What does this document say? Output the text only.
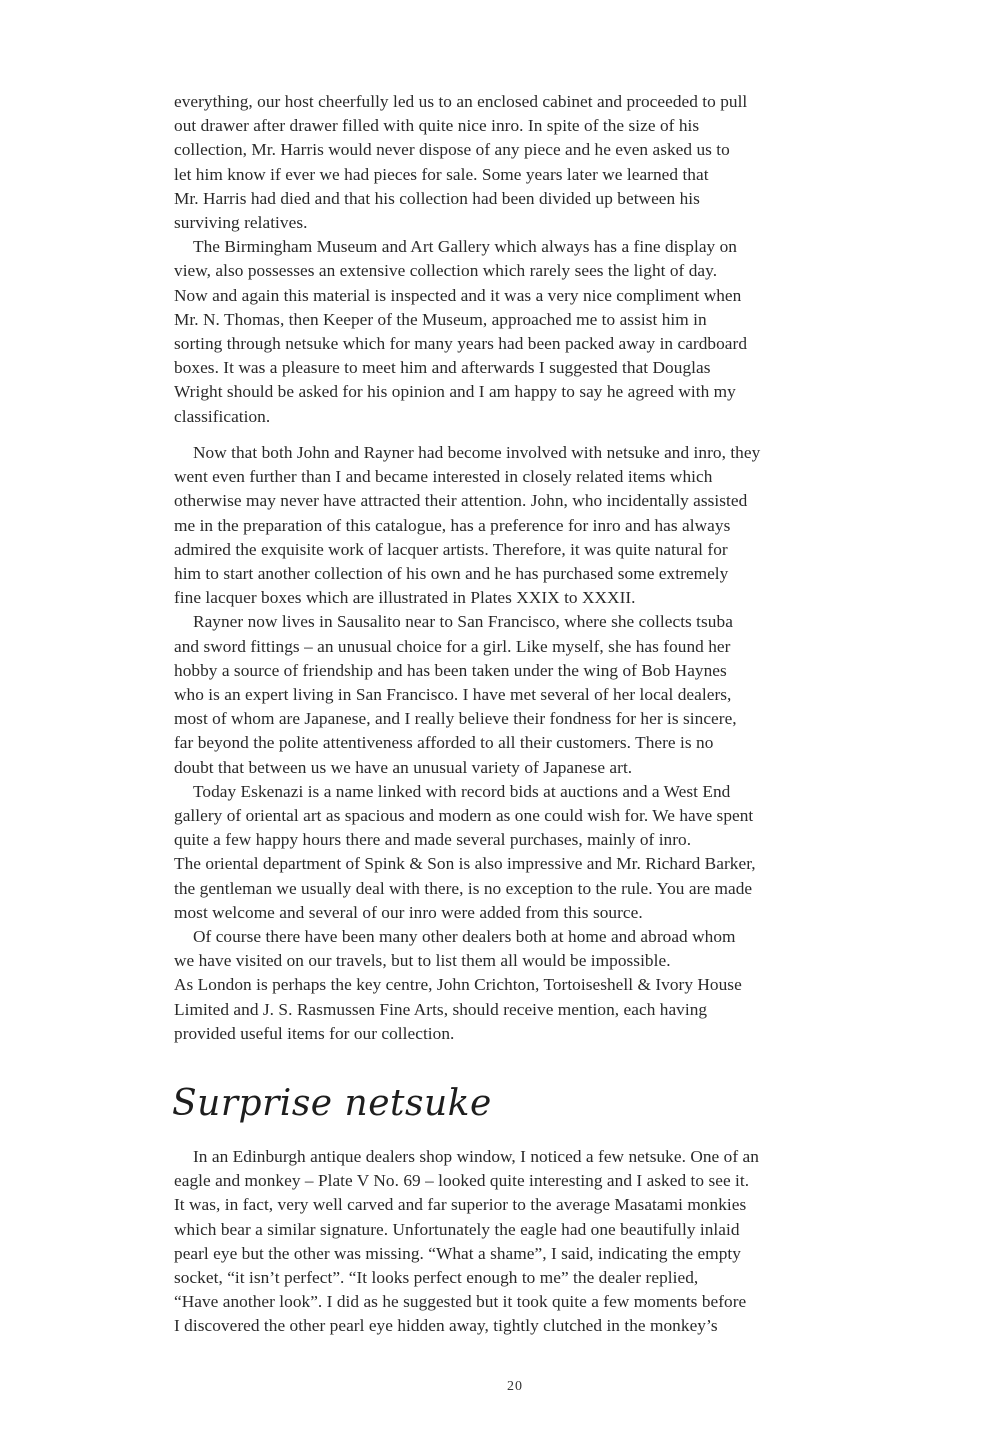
everything, our host cheerfully led us to an enclosed cabinet and proceeded to pull
out drawer after drawer filled with quite nice inro. In spite of the size of his
collection, Mr. Harris would never dispose of any piece and he even asked us to
let him know if ever we had pieces for sale. Some years later we learned that
Mr. Harris had died and that his collection had been divided up between his
surviving relatives.
The Birmingham Museum and Art Gallery which always has a fine display on
view, also possesses an extensive collection which rarely sees the light of day.
Now and again this material is inspected and it was a very nice compliment when
Mr. N. Thomas, then Keeper of the Museum, approached me to assist him in
sorting through netsuke which for many years had been packed away in cardboard
boxes. It was a pleasure to meet him and afterwards I suggested that Douglas
Wright should be asked for his opinion and I am happy to say he agreed with my
classification.
Now that both John and Rayner had become involved with netsuke and inro, they
went even further than I and became interested in closely related items which
otherwise may never have attracted their attention. John, who incidentally assisted
me in the preparation of this catalogue, has a preference for inro and has always
admired the exquisite work of lacquer artists. Therefore, it was quite natural for
him to start another collection of his own and he has purchased some extremely
fine lacquer boxes which are illustrated in Plates XXIX to XXXII.
Rayner now lives in Sausalito near to San Francisco, where she collects tsuba
and sword fittings – an unusual choice for a girl. Like myself, she has found her
hobby a source of friendship and has been taken under the wing of Bob Haynes
who is an expert living in San Francisco. I have met several of her local dealers,
most of whom are Japanese, and I really believe their fondness for her is sincere,
far beyond the polite attentiveness afforded to all their customers. There is no
doubt that between us we have an unusual variety of Japanese art.
Today Eskenazi is a name linked with record bids at auctions and a West End
gallery of oriental art as spacious and modern as one could wish for. We have spent
quite a few happy hours there and made several purchases, mainly of inro.
The oriental department of Spink & Son is also impressive and Mr. Richard Barker,
the gentleman we usually deal with there, is no exception to the rule. You are made
most welcome and several of our inro were added from this source.
Of course there have been many other dealers both at home and abroad whom
we have visited on our travels, but to list them all would be impossible.
As London is perhaps the key centre, John Crichton, Tortoiseshell & Ivory House
Limited and J. S. Rasmussen Fine Arts, should receive mention, each having
provided useful items for our collection.
Surprise netsuke
In an Edinburgh antique dealers shop window, I noticed a few netsuke. One of an
eagle and monkey – Plate V No. 69 – looked quite interesting and I asked to see it.
It was, in fact, very well carved and far superior to the average Masatami monkies
which bear a similar signature. Unfortunately the eagle had one beautifully inlaid
pearl eye but the other was missing. “What a shame”, I said, indicating the empty
socket, “it isn’t perfect”. “It looks perfect enough to me” the dealer replied,
“Have another look”. I did as he suggested but it took quite a few moments before
I discovered the other pearl eye hidden away, tightly clutched in the monkey’s
20
